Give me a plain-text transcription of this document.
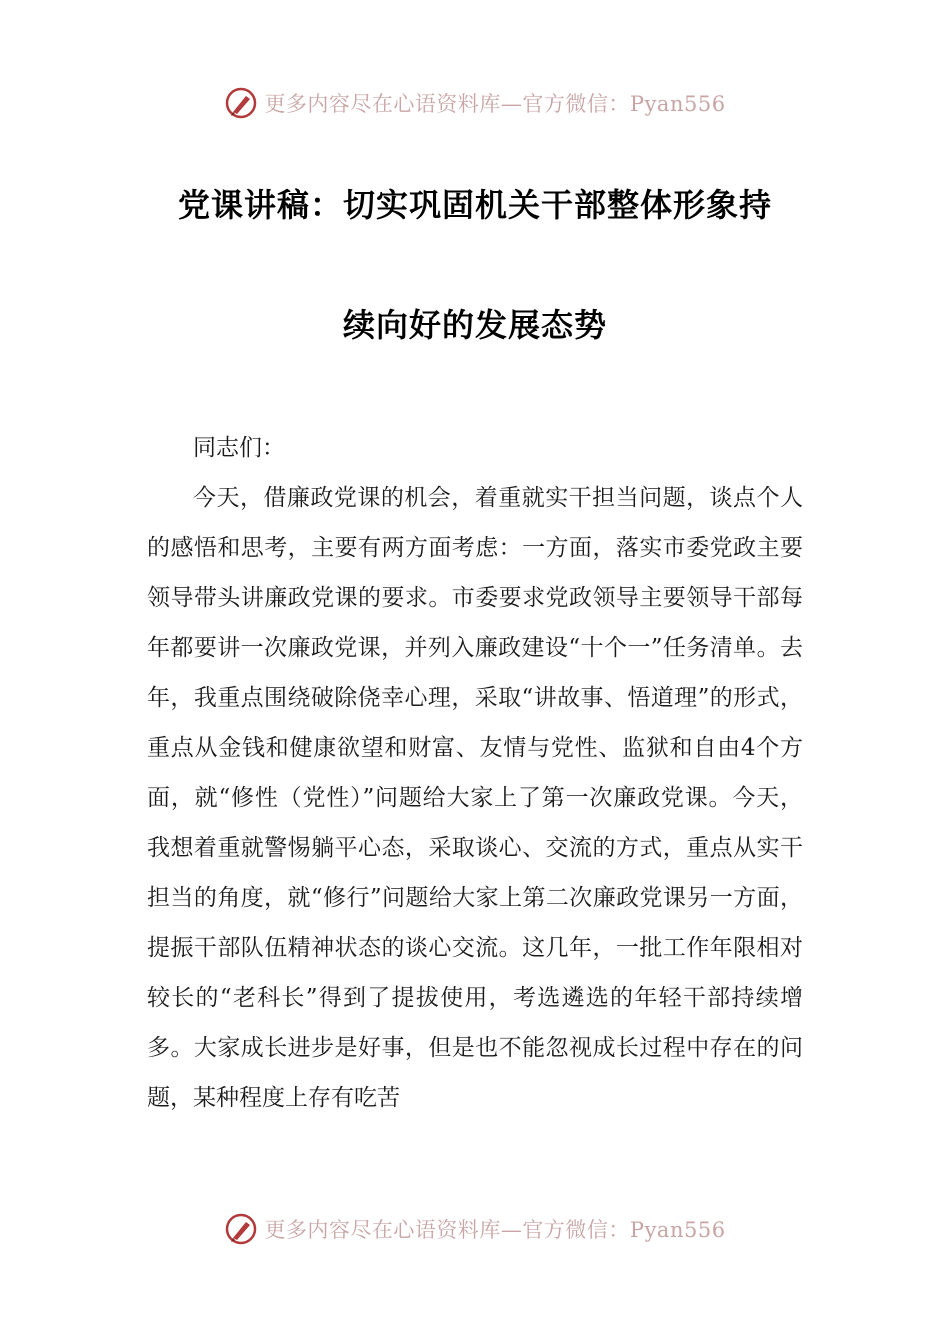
更多内容尽在心语资料库—官方微信：Pyan556
党课讲稿：切实巩固机关干部整体形象持
续向好的发展态势

同志们：

今天，借廉政党课的机会，着重就实干担当问题，谈点个人的感悟和思考，主要有两方面考虑：一方面，落实市委党政主要领导带头讲廉政党课的要求。市委要求党政领导主要领导干部每年都要讲一次廉政党课，并列入廉政建设“十个一”任务清单。去年，我重点围绕破除侥幸心理，采取“讲故事、悟道理”的形式，重点从金钱和健康欲望和财富、友情与党性、监狱和自由4个方面，就“修性（党性）”问题给大家上了第一次廉政党课。今天，我想着重就警惕躺平心态，采取谈心、交流的方式，重点从实干担当的角度，就“修行”问题给大家上第二次廉政党课另一方面，提振干部队伍精神状态的谈心交流。这几年，一批工作年限相对较长的“老科长”得到了提拔使用，考选遴选的年轻干部持续增多。大家成长进步是好事，但是也不能忽视成长过程中存在的问题，某种程度上存有吃苦

更多内容尽在心语资料库—官方微信：Pyan556
